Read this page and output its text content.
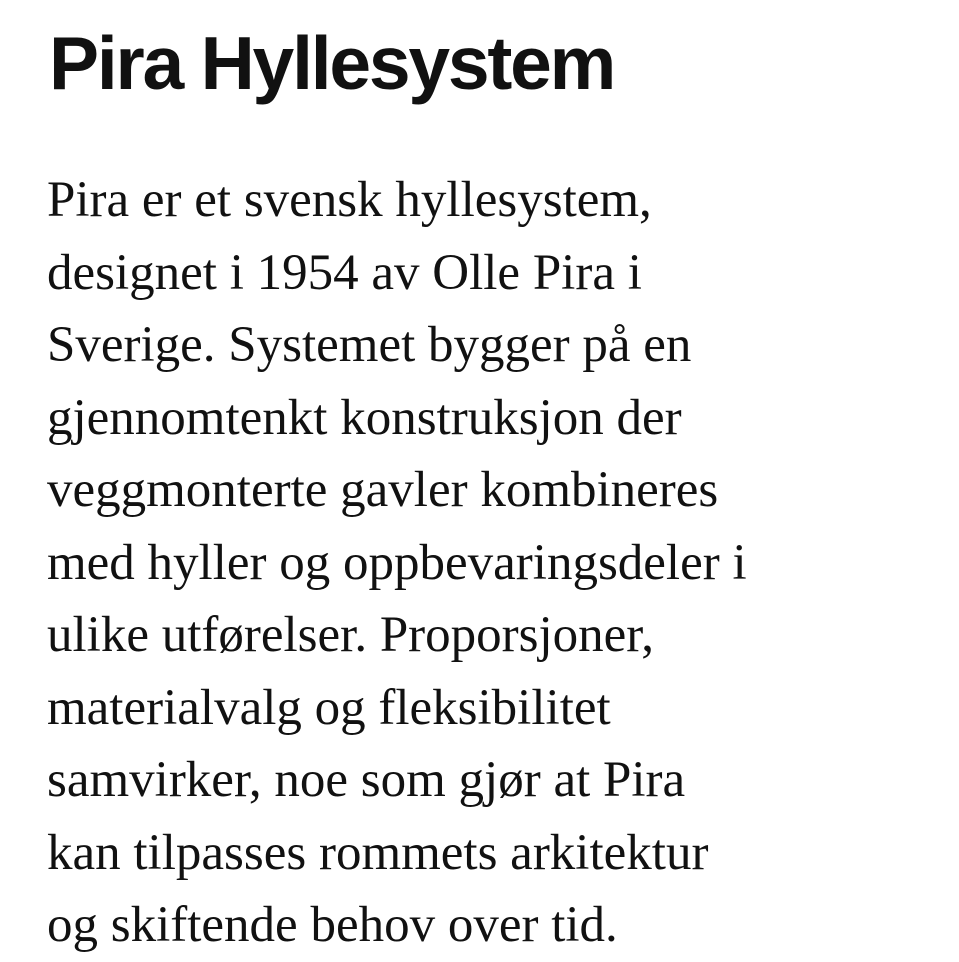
Pira Hyllesystem

Pira er et svensk hyllesystem,
designet i 1954 av Olle Pira i
Sverige. Systemet bygger på en
gjennomtenkt konstruksjon der
veggmonterte gavler kombineres
med hyller og oppbevaringsdeler i
ulike utførelser. Proporsjoner,
materialvalg og fleksibilitet
samvirker, noe som gjør at Pira
kan tilpasses rommets arkitektur
og skiftende behov over tid.
